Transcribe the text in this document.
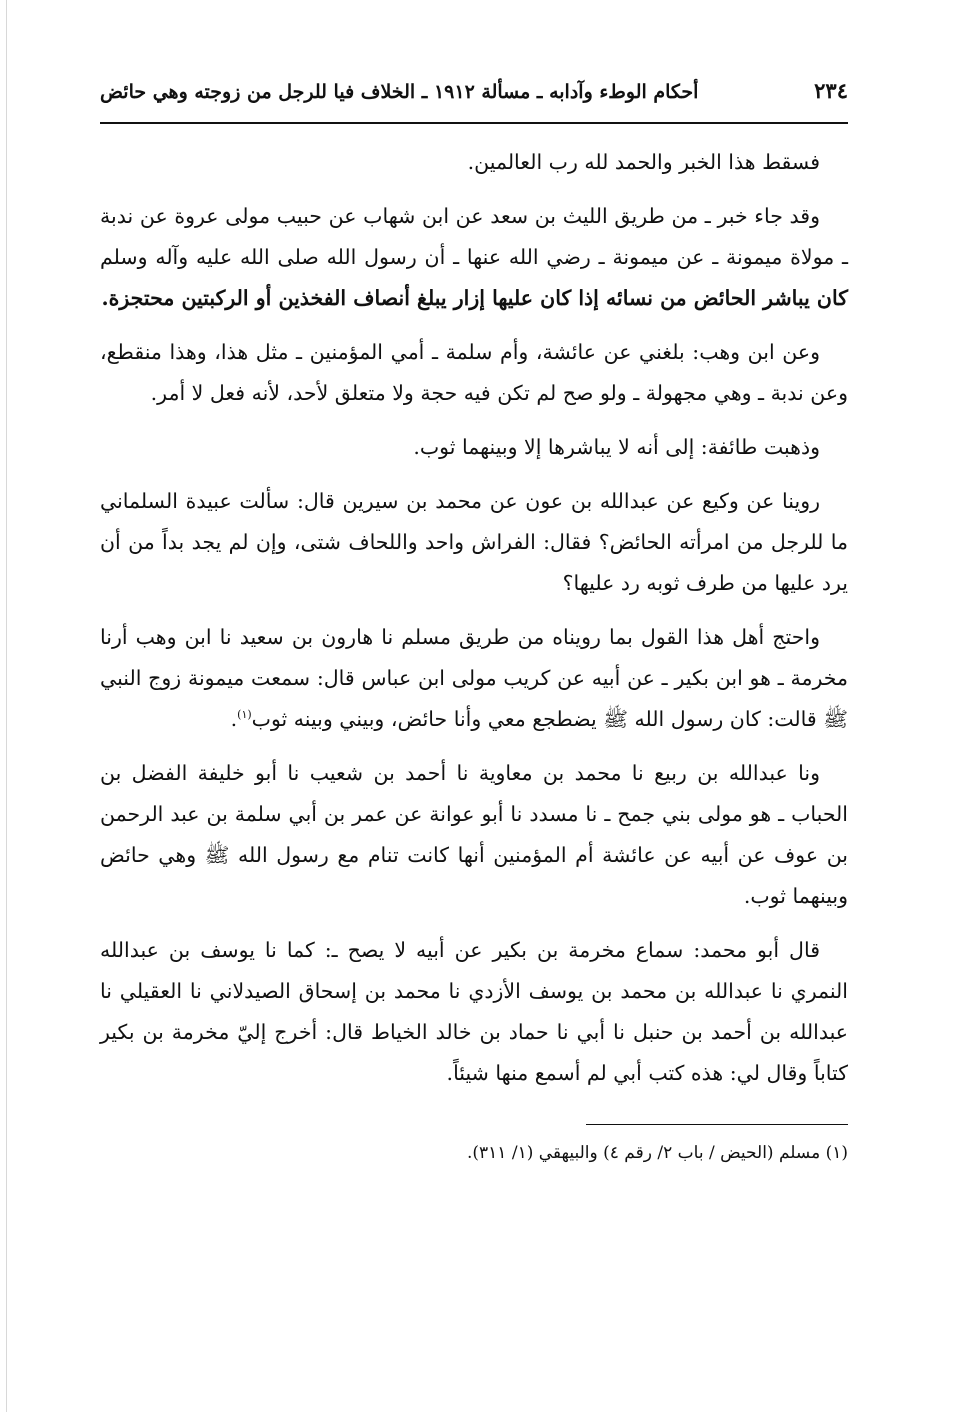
٢٣٤
أحكام الوطء وآدابه ـ مسألة ١٩١٢ ـ الخلاف فيا للرجل من زوجته وهي حائض

فسقط هذا الخبر والحمد لله رب العالمين.

وقد جاء خبر ـ من طريق الليث بن سعد عن ابن شهاب عن حبيب مولى عروة عن ندبة ـ مولاة ميمونة ـ عن ميمونة ـ رضي الله عنها ـ أن رسول الله صلى الله عليه وآله وسلم كان يباشر الحائض من نسائه إذا كان عليها إزار يبلغ أنصاف الفخذين أو الركبتين محتجزة.

وعن ابن وهب: بلغني عن عائشة، وأم سلمة ـ أمي المؤمنين ـ مثل هذا، وهذا منقطع، وعن ندبة ـ وهي مجهولة ـ ولو صح لم تكن فيه حجة ولا متعلق لأحد، لأنه فعل لا أمر.

وذهبت طائفة: إلى أنه لا يباشرها إلا وبينهما ثوب.

روينا عن وكيع عن عبدالله بن عون عن محمد بن سيرين قال: سألت عبيدة السلماني ما للرجل من امرأته الحائض؟ فقال: الفراش واحد واللحاف شتى، وإن لم يجد بداً من أن يرد عليها من طرف ثوبه رد عليها؟

واحتج أهل هذا القول بما رويناه من طريق مسلم نا هارون بن سعيد نا ابن وهب أرنا مخرمة ـ هو ابن بكير ـ عن أبيه عن كريب مولى ابن عباس قال: سمعت ميمونة زوج النبي ﷺ قالت: كان رسول الله ﷺ يضطجع معي وأنا حائض، وبيني وبينه ثوب$^{(١)}$.

ونا عبدالله بن ربيع نا محمد بن معاوية نا أحمد بن شعيب نا أبو خليفة الفضل بن الحباب ـ هو مولى بني جمح ـ نا مسدد نا أبو عوانة عن عمر بن أبي سلمة بن عبد الرحمن بن عوف عن أبيه عن عائشة أم المؤمنين أنها كانت تنام مع رسول الله ﷺ وهي حائض وبينهما ثوب.

قال أبو محمد: سماع مخرمة بن بكير عن أبيه لا يصح ـ: كما نا يوسف بن عبدالله النمري نا عبدالله بن محمد بن يوسف الأزدي نا محمد بن إسحاق الصيدلاني نا العقيلي نا عبدالله بن أحمد بن حنبل نا أبي نا حماد بن خالد الخياط قال: أخرج إليّ مخرمة بن بكير كتاباً وقال لي: هذه كتب أبي لم أسمع منها شيئاً.

(١) مسلم (الحيض / باب ٢/ رقم ٤) والبيهقي (١/ ٣١١).
